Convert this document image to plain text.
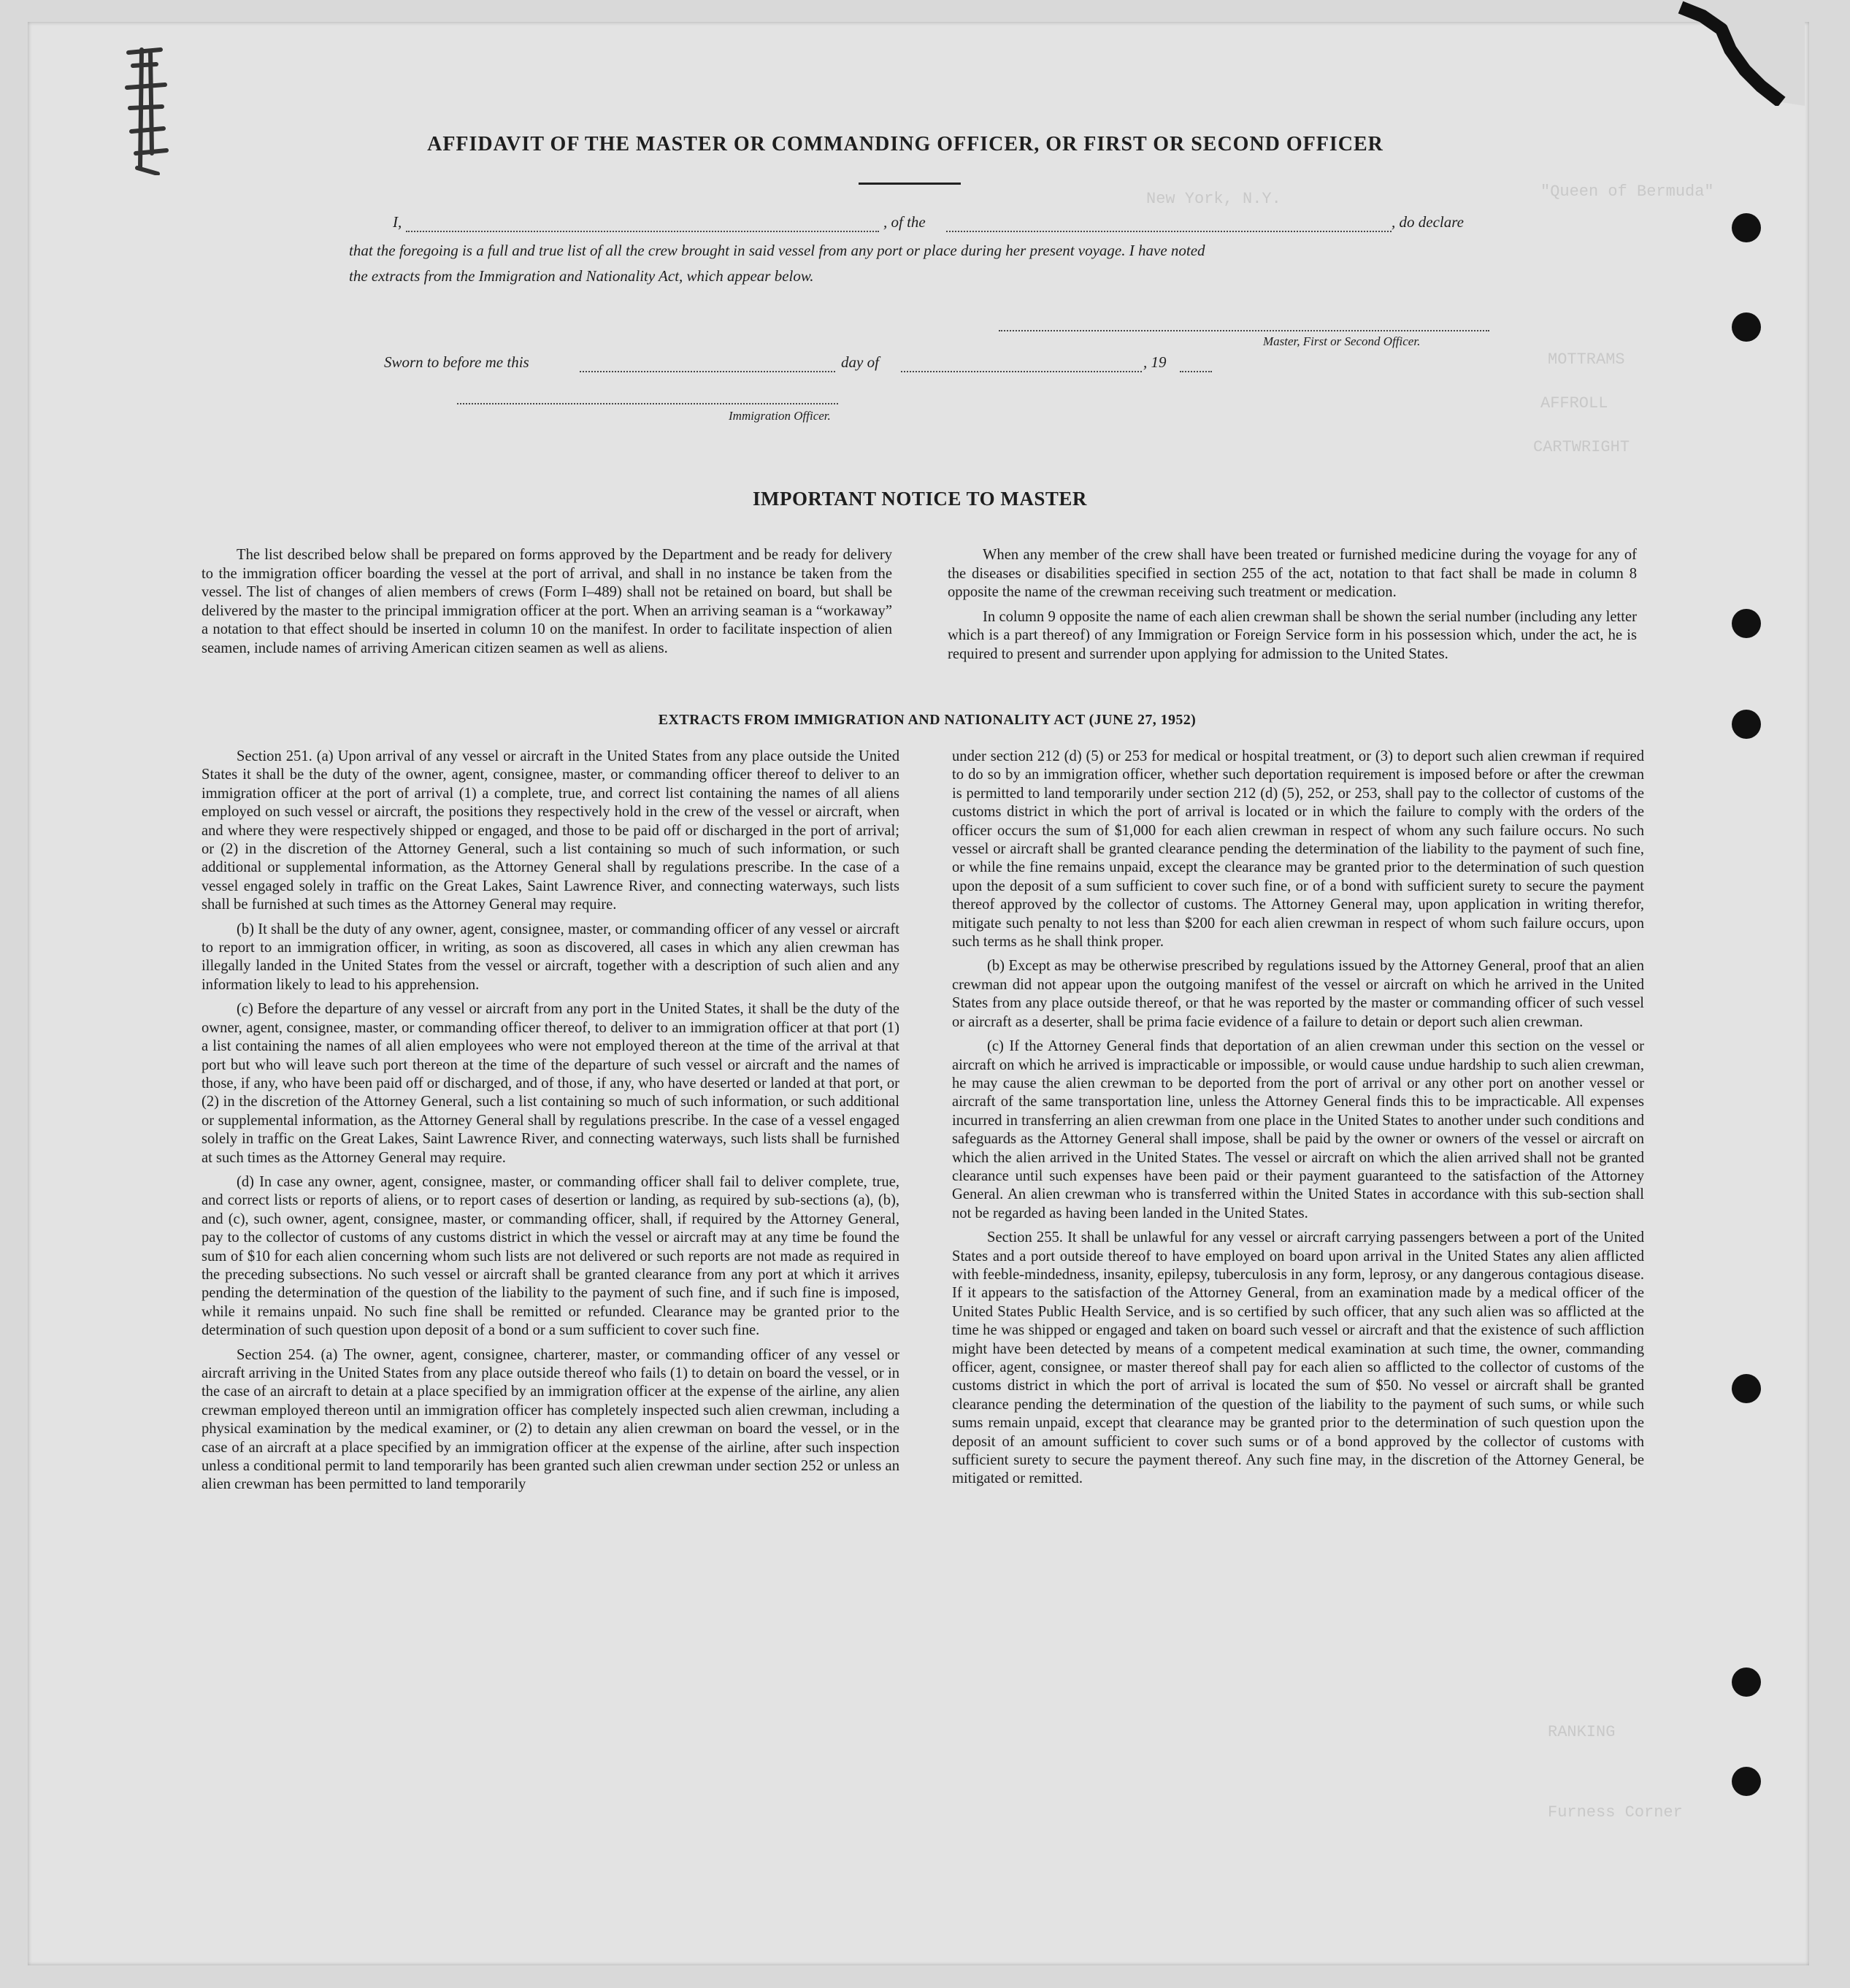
"Queen of Bermuda"
New York, N.Y.
MOTTRAMS
AFFROLL
CARTWRIGHT
RANKING
Furness Corner
AFFIDAVIT OF THE MASTER OR COMMANDING OFFICER, OR FIRST OR SECOND OFFICER
I,	, of the	, do declare
that the foregoing is a full and true list of all the crew brought in said vessel from any port or place during her present voyage. I have noted
the extracts from the Immigration and Nationality Act, which appear below.
Master, First or Second Officer.
Sworn to before me this	day of	, 19
Immigration Officer.
IMPORTANT NOTICE TO MASTER

The list described below shall be prepared on forms approved by the Department and be ready for delivery to the immigration officer boarding the vessel at the port of arrival, and shall in no instance be taken from the vessel. The list of changes of alien members of crews (Form I–489) shall not be retained on board, but shall be delivered by the master to the principal immigration officer at the port. When an arriving seaman is a “workaway” a notation to that effect should be inserted in column 10 on the manifest. In order to facilitate inspection of alien seamen, include names of arriving American citizen seamen as well as aliens.

When any member of the crew shall have been treated or furnished medicine during the voyage for any of the diseases or disabilities specified in section 255 of the act, notation to that fact shall be made in column 8 opposite the name of the crewman receiving such treatment or medication.

In column 9 opposite the name of each alien crewman shall be shown the serial number (including any letter which is a part thereof) of any Immigration or Foreign Service form in his possession which, under the act, he is required to present and surrender upon applying for admission to the United States.

EXTRACTS FROM IMMIGRATION AND NATIONALITY ACT (JUNE 27, 1952)

Section 251. (a) Upon arrival of any vessel or aircraft in the United States from any place outside the United States it shall be the duty of the owner, agent, consignee, master, or commanding officer thereof to deliver to an immigration officer at the port of arrival (1) a complete, true, and correct list containing the names of all aliens employed on such vessel or aircraft, the positions they respectively hold in the crew of the vessel or aircraft, when and where they were respectively shipped or engaged, and those to be paid off or discharged in the port of arrival; or (2) in the discretion of the Attorney General, such a list containing so much of such information, or such additional or supplemental information, as the Attorney General shall by regulations prescribe. In the case of a vessel engaged solely in traffic on the Great Lakes, Saint Lawrence River, and connecting waterways, such lists shall be furnished at such times as the Attorney General may require.

(b) It shall be the duty of any owner, agent, consignee, master, or commanding officer of any vessel or aircraft to report to an immigration officer, in writing, as soon as discovered, all cases in which any alien crewman has illegally landed in the United States from the vessel or aircraft, together with a description of such alien and any information likely to lead to his apprehension.

(c) Before the departure of any vessel or aircraft from any port in the United States, it shall be the duty of the owner, agent, consignee, master, or commanding officer thereof, to deliver to an immigration officer at that port (1) a list containing the names of all alien employees who were not employed thereon at the time of the arrival at that port but who will leave such port thereon at the time of the departure of such vessel or aircraft and the names of those, if any, who have been paid off or discharged, and of those, if any, who have deserted or landed at that port, or (2) in the discretion of the Attorney General, such a list containing so much of such information, or such additional or supplemental information, as the Attorney General shall by regulations prescribe. In the case of a vessel engaged solely in traffic on the Great Lakes, Saint Lawrence River, and connecting waterways, such lists shall be furnished at such times as the Attorney General may require.

(d) In case any owner, agent, consignee, master, or commanding officer shall fail to deliver complete, true, and correct lists or reports of aliens, or to report cases of desertion or landing, as required by sub-sections (a), (b), and (c), such owner, agent, consignee, master, or commanding officer, shall, if required by the Attorney General, pay to the collector of customs of any customs district in which the vessel or aircraft may at any time be found the sum of $10 for each alien concerning whom such lists are not delivered or such reports are not made as required in the preceding subsections. No such vessel or aircraft shall be granted clearance from any port at which it arrives pending the determination of the question of the liability to the payment of such fine, and if such fine is imposed, while it remains unpaid. No such fine shall be remitted or refunded. Clearance may be granted prior to the determination of such question upon deposit of a bond or a sum sufficient to cover such fine.

Section 254. (a) The owner, agent, consignee, charterer, master, or commanding officer of any vessel or aircraft arriving in the United States from any place outside thereof who fails (1) to detain on board the vessel, or in the case of an aircraft to detain at a place specified by an immigration officer at the expense of the airline, any alien crewman employed thereon until an immigration officer has completely inspected such alien crewman, including a physical examination by the medical examiner, or (2) to detain any alien crewman on board the vessel, or in the case of an aircraft at a place specified by an immigration officer at the expense of the airline, after such inspection unless a conditional permit to land temporarily has been granted such alien crewman under section 252 or unless an alien crewman has been permitted to land temporarily

under section 212 (d) (5) or 253 for medical or hospital treatment, or (3) to deport such alien crewman if required to do so by an immigration officer, whether such deportation requirement is imposed before or after the crewman is permitted to land temporarily under section 212 (d) (5), 252, or 253, shall pay to the collector of customs of the customs district in which the port of arrival is located or in which the failure to comply with the orders of the officer occurs the sum of $1,000 for each alien crewman in respect of whom any such failure occurs. No such vessel or aircraft shall be granted clearance pending the determination of the liability to the payment of such fine, or while the fine remains unpaid, except the clearance may be granted prior to the determination of such question upon the deposit of a sum sufficient to cover such fine, or of a bond with sufficient surety to secure the payment thereof approved by the collector of customs. The Attorney General may, upon application in writing therefor, mitigate such penalty to not less than $200 for each alien crewman in respect of whom such failure occurs, upon such terms as he shall think proper.

(b) Except as may be otherwise prescribed by regulations issued by the Attorney General, proof that an alien crewman did not appear upon the outgoing manifest of the vessel or aircraft on which he arrived in the United States from any place outside thereof, or that he was reported by the master or commanding officer of such vessel or aircraft as a deserter, shall be prima facie evidence of a failure to detain or deport such alien crewman.

(c) If the Attorney General finds that deportation of an alien crewman under this section on the vessel or aircraft on which he arrived is impracticable or impossible, or would cause undue hardship to such alien crewman, he may cause the alien crewman to be deported from the port of arrival or any other port on another vessel or aircraft of the same transportation line, unless the Attorney General finds this to be impracticable. All expenses incurred in transferring an alien crewman from one place in the United States to another under such conditions and safeguards as the Attorney General shall impose, shall be paid by the owner or owners of the vessel or aircraft on which the alien arrived in the United States. The vessel or aircraft on which the alien arrived shall not be granted clearance until such expenses have been paid or their payment guaranteed to the satisfaction of the Attorney General. An alien crewman who is transferred within the United States in accordance with this sub-section shall not be regarded as having been landed in the United States.

Section 255. It shall be unlawful for any vessel or aircraft carrying passengers between a port of the United States and a port outside thereof to have employed on board upon arrival in the United States any alien afflicted with feeble-mindedness, insanity, epilepsy, tuberculosis in any form, leprosy, or any dangerous contagious disease. If it appears to the satisfaction of the Attorney General, from an examination made by a medical officer of the United States Public Health Service, and is so certified by such officer, that any such alien was so afflicted at the time he was shipped or engaged and taken on board such vessel or aircraft and that the existence of such affliction might have been detected by means of a competent medical examination at such time, the owner, commanding officer, agent, consignee, or master thereof shall pay for each alien so afflicted to the collector of customs of the customs district in which the port of arrival is located the sum of $50. No vessel or aircraft shall be granted clearance pending the determination of the question of the liability to the payment of such sums, or while such sums remain unpaid, except that clearance may be granted prior to the determination of such question upon the deposit of an amount sufficient to cover such sums or of a bond approved by the collector of customs with sufficient surety to secure the payment thereof. Any such fine may, in the discretion of the Attorney General, be mitigated or remitted.
